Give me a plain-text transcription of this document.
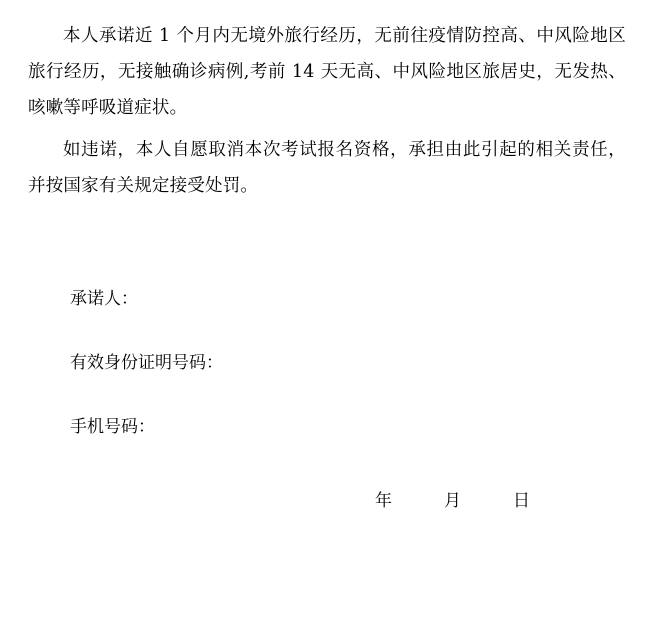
本人承诺近 1 个月内无境外旅行经历，无前往疫情防控高、中风险地区旅行经历，无接触确诊病例,考前 14 天无高、中风险地区旅居史，无发热、咳嗽等呼吸道症状。

如违诺，本人自愿取消本次考试报名资格，承担由此引起的相关责任，并按国家有关规定接受处罚。

承诺人：

有效身份证明号码：

手机号码：

年	月	日
